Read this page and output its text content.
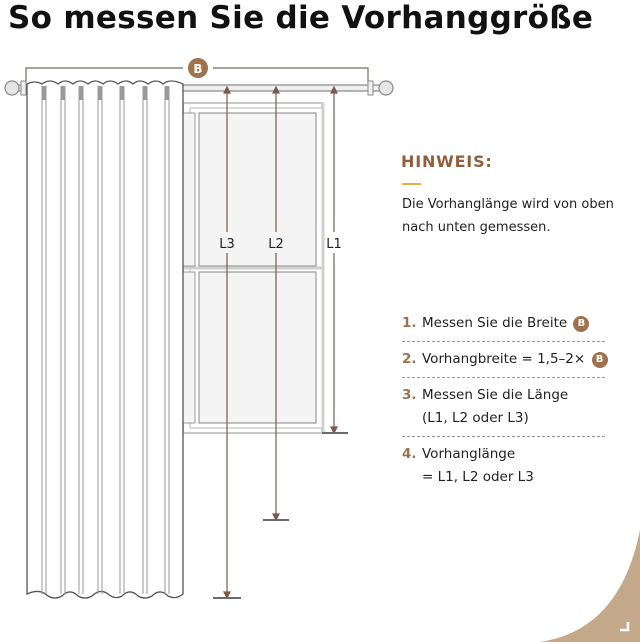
So messen Sie die Vorhanggröße
B
L3	L2	L1
HINWEIS:
Die Vorhanglänge wird von oben nach unten gemessen.
1. Messen Sie die Breite B
2. Vorhangbreite = 1,5–2× B
3. Messen Sie die Länge
(L1, L2 oder L3)
4. Vorhanglänge
= L1, L2 oder L3
